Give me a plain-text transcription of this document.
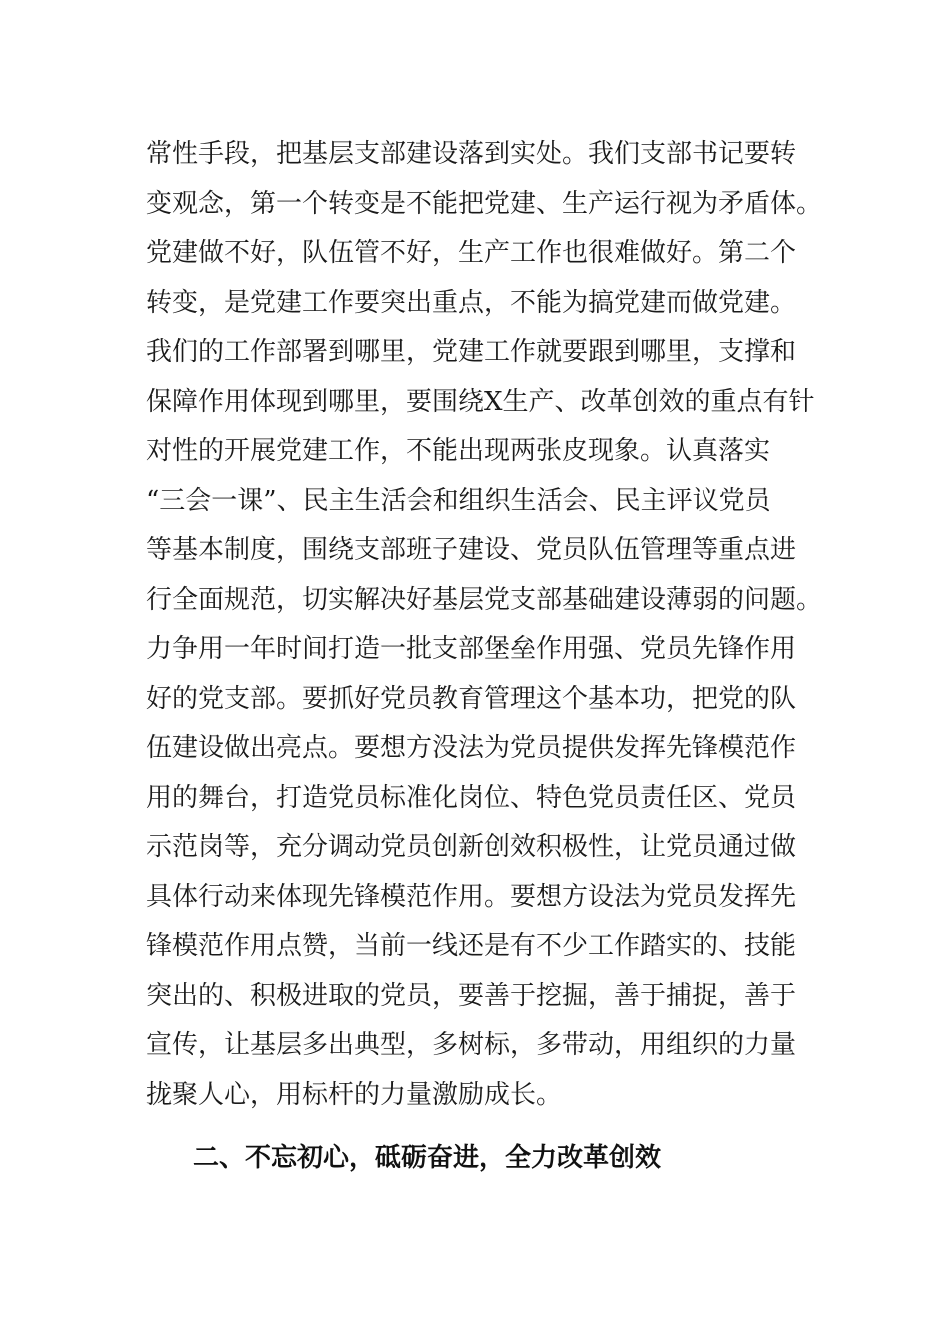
常性手段，把基层支部建设落到实处。我们支部书记要转
变观念，第一个转变是不能把党建、生产运行视为矛盾体。
党建做不好，队伍管不好，生产工作也很难做好。第二个
转变，是党建工作要突出重点，不能为搞党建而做党建。
我们的工作部署到哪里，党建工作就要跟到哪里，支撑和
保障作用体现到哪里，要围绕X生产、改革创效的重点有针
对性的开展党建工作，不能出现两张皮现象。认真落实
“三会一课”、民主生活会和组织生活会、民主评议党员
等基本制度，围绕支部班子建设、党员队伍管理等重点进
行全面规范，切实解决好基层党支部基础建设薄弱的问题。
力争用一年时间打造一批支部堡垒作用强、党员先锋作用
好的党支部。要抓好党员教育管理这个基本功，把党的队
伍建设做出亮点。要想方没法为党员提供发挥先锋模范作
用的舞台，打造党员标准化岗位、特色党员责任区、党员
示范岗等，充分调动党员创新创效积极性，让党员通过做
具体行动来体现先锋模范作用。要想方设法为党员发挥先
锋模范作用点赞，当前一线还是有不少工作踏实的、技能
突出的、积极进取的党员，要善于挖掘，善于捕捉，善于
宣传，让基层多出典型，多树标，多带动，用组织的力量
拢聚人心，用标杆的力量激励成长。
二、不忘初心，砥砺奋进，全力改革创效
